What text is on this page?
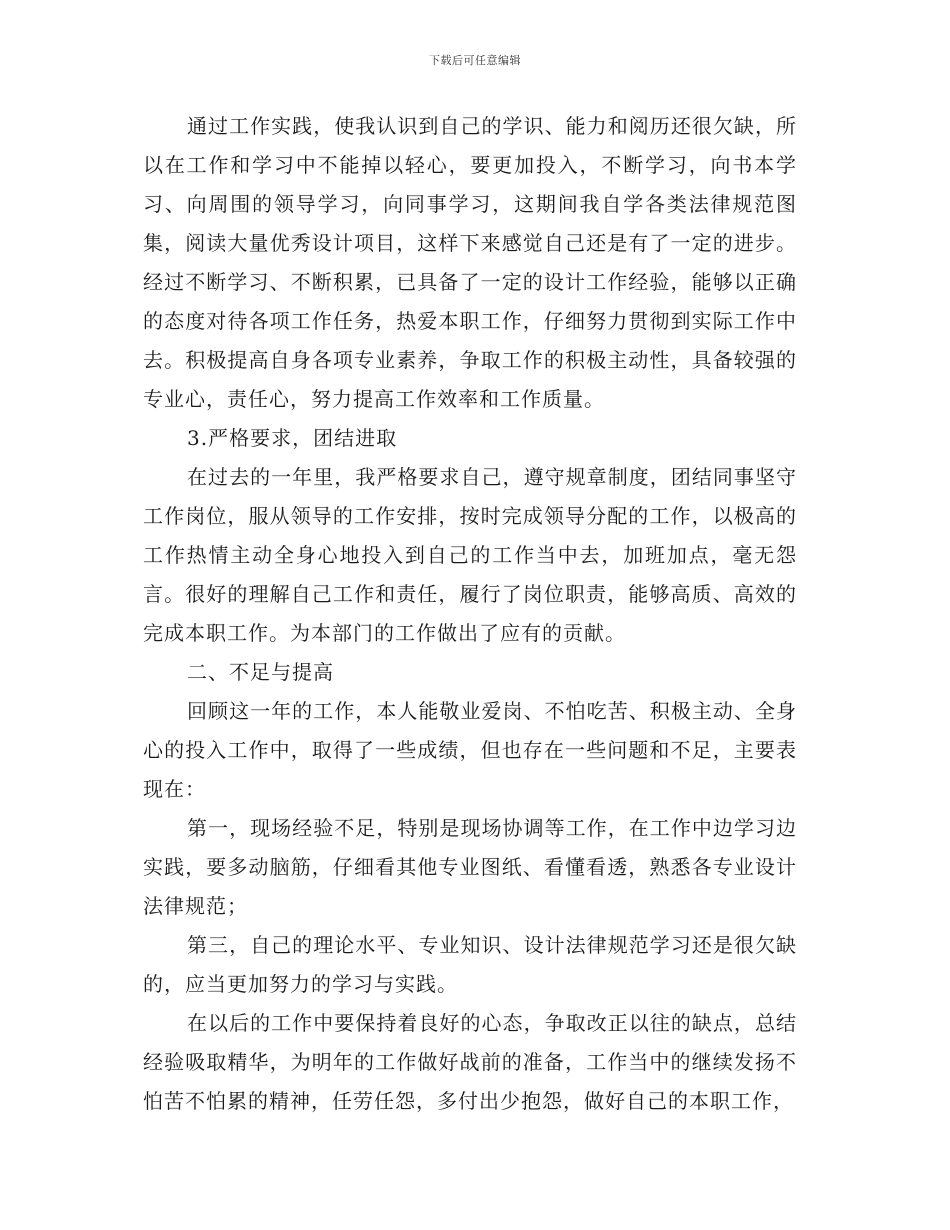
下载后可任意编辑

通过工作实践，使我认识到自己的学识、能力和阅历还很欠缺，所以在工作和学习中不能掉以轻心，要更加投入，不断学习，向书本学习、向周围的领导学习，向同事学习，这期间我自学各类法律规范图集，阅读大量优秀设计项目，这样下来感觉自己还是有了一定的进步。经过不断学习、不断积累，已具备了一定的设计工作经验，能够以正确的态度对待各项工作任务，热爱本职工作，仔细努力贯彻到实际工作中去。积极提高自身各项专业素养，争取工作的积极主动性，具备较强的专业心，责任心，努力提高工作效率和工作质量。

3.严格要求，团结进取

在过去的一年里，我严格要求自己，遵守规章制度，团结同事坚守工作岗位，服从领导的工作安排，按时完成领导分配的工作，以极高的工作热情主动全身心地投入到自己的工作当中去，加班加点，毫无怨言。很好的理解自己工作和责任，履行了岗位职责，能够高质、高效的完成本职工作。为本部门的工作做出了应有的贡献。

二、不足与提高

回顾这一年的工作，本人能敬业爱岗、不怕吃苦、积极主动、全身心的投入工作中，取得了一些成绩，但也存在一些问题和不足，主要表现在：

第一，现场经验不足，特别是现场协调等工作，在工作中边学习边实践，要多动脑筋，仔细看其他专业图纸、看懂看透，熟悉各专业设计法律规范；

第三，自己的理论水平、专业知识、设计法律规范学习还是很欠缺的，应当更加努力的学习与实践。

在以后的工作中要保持着良好的心态，争取改正以往的缺点，总结经验吸取精华，为明年的工作做好战前的准备，工作当中的继续发扬不怕苦不怕累的精神，任劳任怨，多付出少抱怨，做好自己的本职工作，
